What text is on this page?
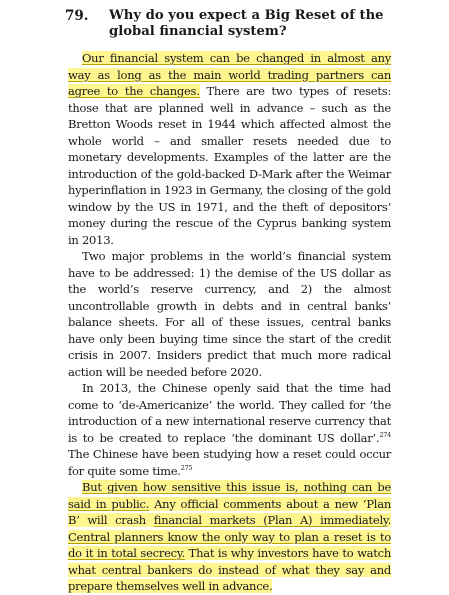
79.	Why do you expect a Big Reset of the global financial system?

Our financial system can be changed in almost any way as long as the main world trading partners can agree to the changes. There are two types of resets: those that are planned well in advance – such as the Bretton Woods reset in 1944 which affected almost the whole world – and smaller resets needed due to monetary developments. Examples of the latter are the introduction of the gold-backed D-Mark after the Weimar hyperinflation in 1923 in Germany, the closing of the gold window by the US in 1971, and the theft of depositors’ money during the rescue of the Cyprus banking system in 2013.

Two major problems in the world’s financial system have to be addressed: 1) the demise of the US dollar as the world’s reserve currency, and 2) the almost uncontrollable growth in debts and in central banks’ balance sheets. For all of these issues, central banks have only been buying time since the start of the credit crisis in 2007. Insiders predict that much more radical action will be needed before 2020.

In 2013, the Chinese openly said that the time had come to ‘de-Americanize’ the world. They called for ‘the introduction of a new international reserve currency that is to be created to replace ‘the dominant US dollar’.$^{274}$ The Chinese have been studying how a reset could occur for quite some time.$^{275}$

But given how sensitive this issue is, nothing can be said in public. Any official comments about a new ‘Plan B’ will crash financial markets (Plan A) immediately. Central planners know the only way to plan a reset is to do it in total secrecy. That is why investors have to watch what central bankers do instead of what they say and prepare themselves well in advance.
